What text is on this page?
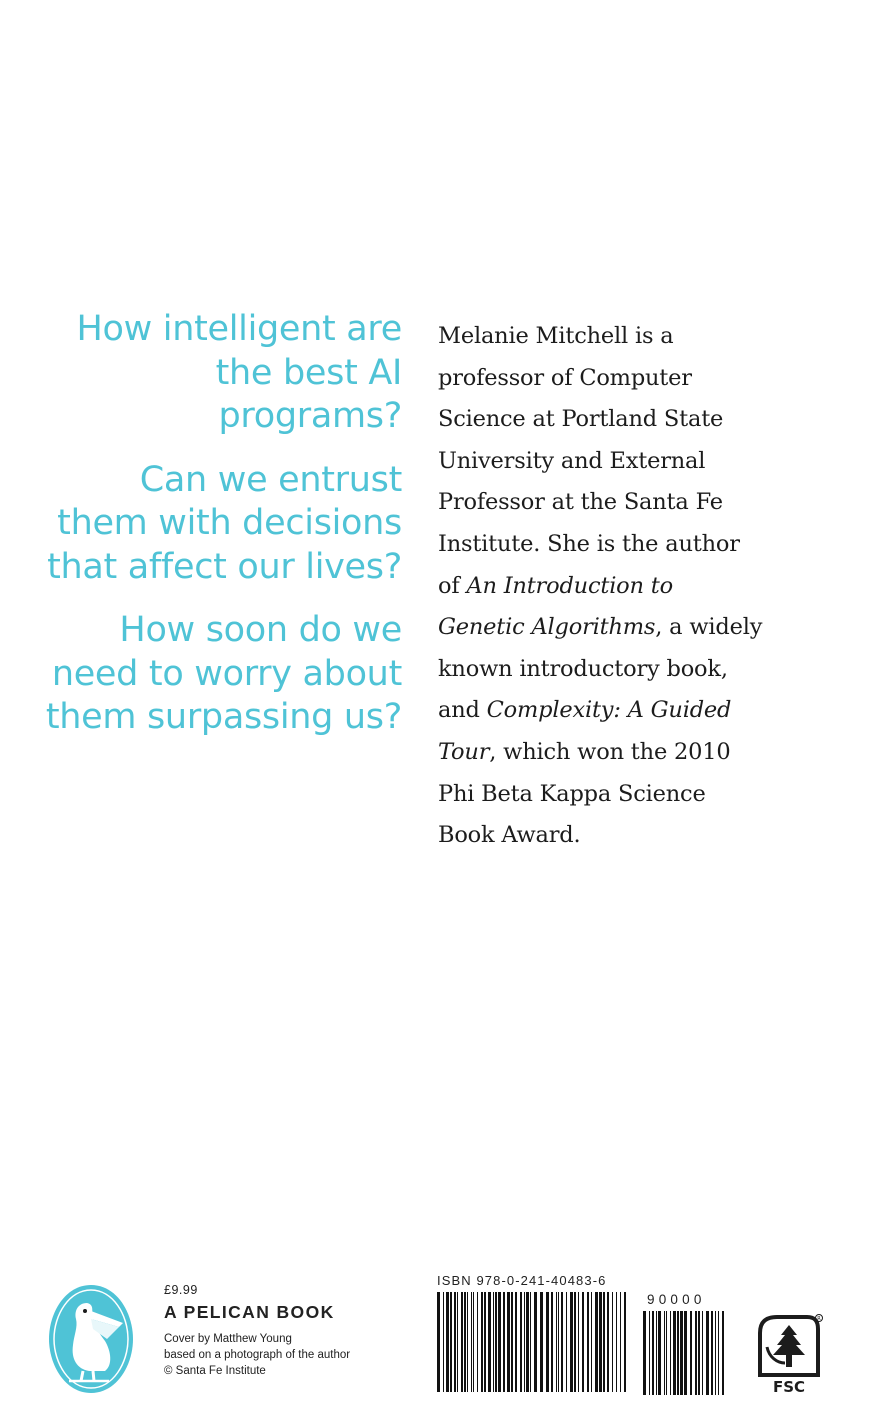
How intelligent are the best AI programs?

Can we entrust them with decisions that affect our lives?

How soon do we need to worry about them surpassing us?

Melanie Mitchell is a
professor of Computer
Science at Portland State
University and External
Professor at the Santa Fe
Institute. She is the author
of An Introduction to
Genetic Algorithms, a widely
known introductory book,
and Complexity: A Guided
Tour, which won the 2010
Phi Beta Kappa Science
Book Award.
£9.99
A PELICAN BOOK
Cover by Matthew Young
based on a photograph of the author
© Santa Fe Institute
ISBN 978-0-241-40483-6
90000
R
FSC
